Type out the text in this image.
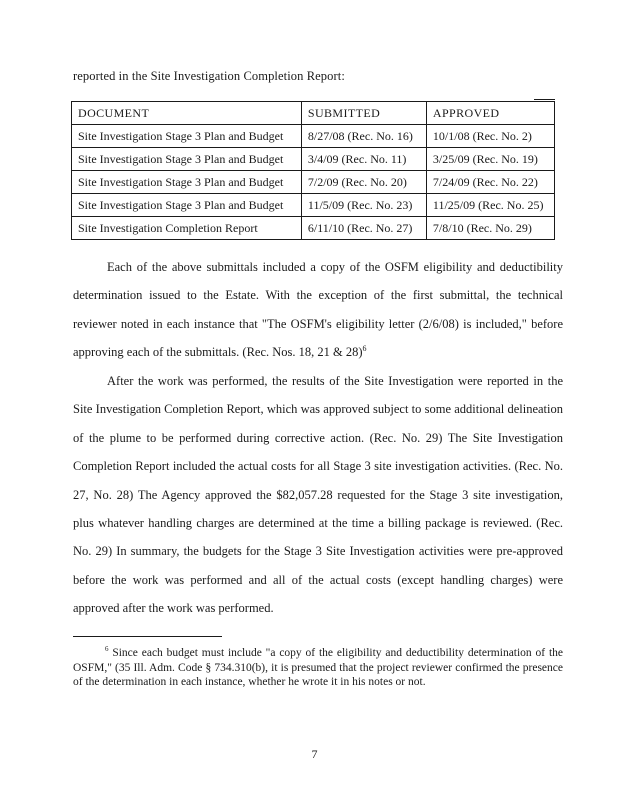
reported in the Site Investigation Completion Report:
DOCUMENT	SUBMITTED	APPROVED
Site Investigation Stage 3 Plan and Budget	8/27/08 (Rec. No. 16)	10/1/08 (Rec. No. 2)
Site Investigation Stage 3 Plan and Budget	3/4/09 (Rec. No. 11)	3/25/09 (Rec. No. 19)
Site Investigation Stage 3 Plan and Budget	7/2/09 (Rec. No. 20)	7/24/09 (Rec. No. 22)
Site Investigation Stage 3 Plan and Budget	11/5/09 (Rec. No. 23)	11/25/09 (Rec. No. 25)
Site Investigation Completion Report	6/11/10 (Rec. No. 27)	7/8/10 (Rec. No. 29)
Each of the above submittals included a copy of the OSFM eligibility and deductibility determination issued to the Estate. With the exception of the first submittal, the technical reviewer noted in each instance that "The OSFM's eligibility letter (2/6/08) is included," before approving each of the submittals. (Rec. Nos. 18, 21 & 28)$^6$
After the work was performed, the results of the Site Investigation were reported in the Site Investigation Completion Report, which was approved subject to some additional delineation of the plume to be performed during corrective action. (Rec. No. 29) The Site Investigation Completion Report included the actual costs for all Stage 3 site investigation activities. (Rec. No. 27, No. 28) The Agency approved the $82,057.28 requested for the Stage 3 site investigation, plus whatever handling charges are determined at the time a billing package is reviewed. (Rec. No. 29) In summary, the budgets for the Stage 3 Site Investigation activities were pre-approved before the work was performed and all of the actual costs (except handling charges) were approved after the work was performed.
$^6$ Since each budget must include "a copy of the eligibility and deductibility determination of the OSFM," (35 Ill. Adm. Code § 734.310(b), it is presumed that the project reviewer confirmed the presence of the determination in each instance, whether he wrote it in his notes or not.
7
